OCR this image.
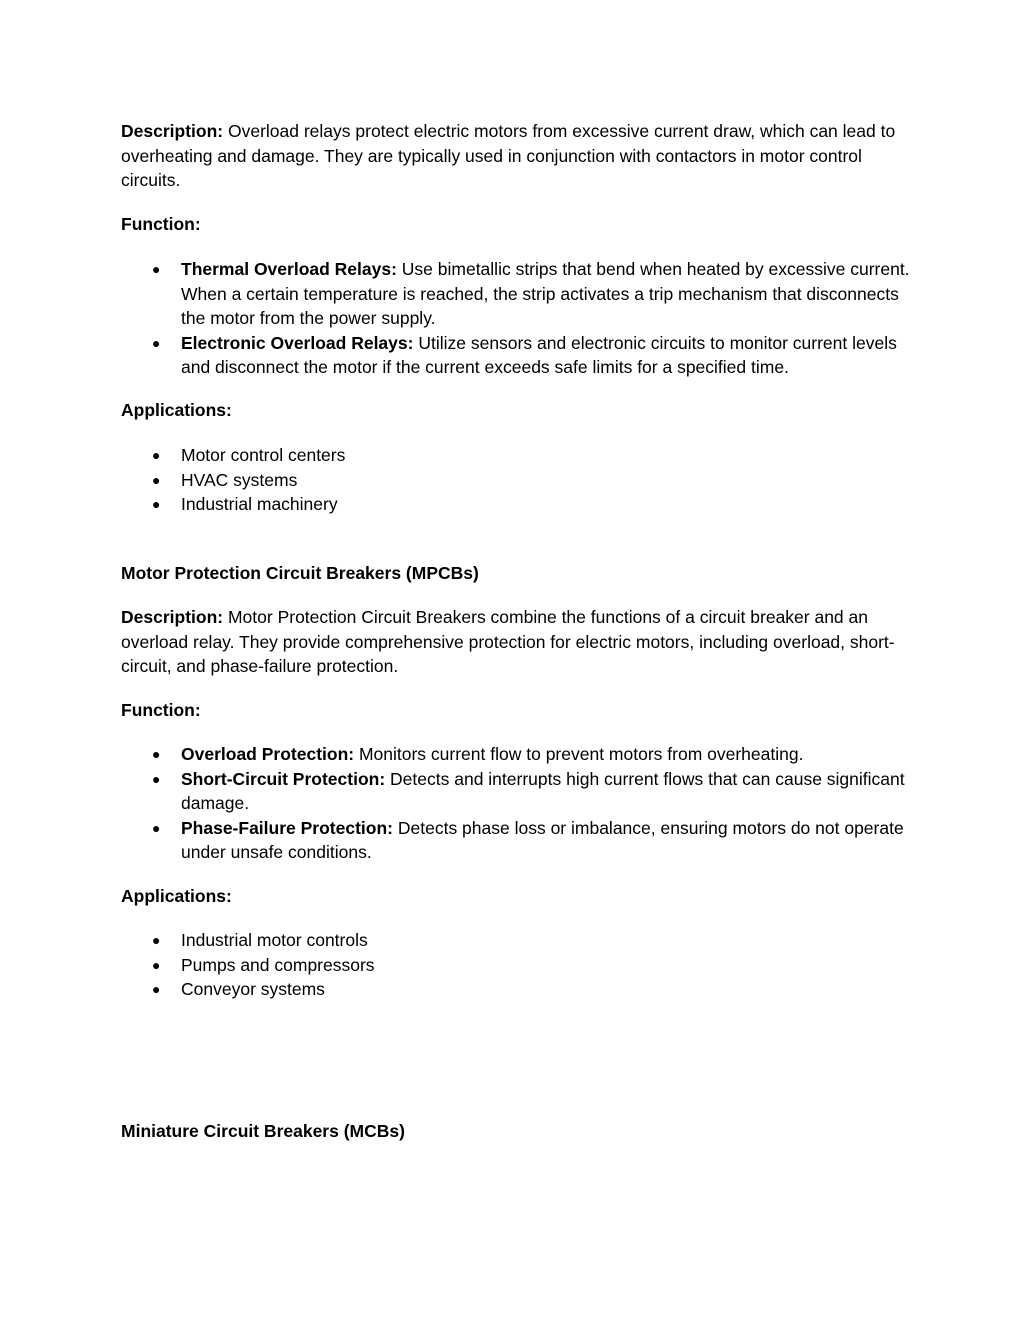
Description: Overload relays protect electric motors from excessive current draw, which can lead to overheating and damage. They are typically used in conjunction with contactors in motor control circuits.

Function:

● Thermal Overload Relays: Use bimetallic strips that bend when heated by excessive current. When a certain temperature is reached, the strip activates a trip mechanism that disconnects the motor from the power supply.
● Electronic Overload Relays: Utilize sensors and electronic circuits to monitor current levels and disconnect the motor if the current exceeds safe limits for a specified time.

Applications:

● Motor control centers
● HVAC systems
● Industrial machinery

Motor Protection Circuit Breakers (MPCBs)

Description: Motor Protection Circuit Breakers combine the functions of a circuit breaker and an overload relay. They provide comprehensive protection for electric motors, including overload, short-circuit, and phase-failure protection.

Function:

● Overload Protection: Monitors current flow to prevent motors from overheating.
● Short-Circuit Protection: Detects and interrupts high current flows that can cause significant damage.
● Phase-Failure Protection: Detects phase loss or imbalance, ensuring motors do not operate under unsafe conditions.

Applications:

● Industrial motor controls
● Pumps and compressors
● Conveyor systems

Miniature Circuit Breakers (MCBs)
